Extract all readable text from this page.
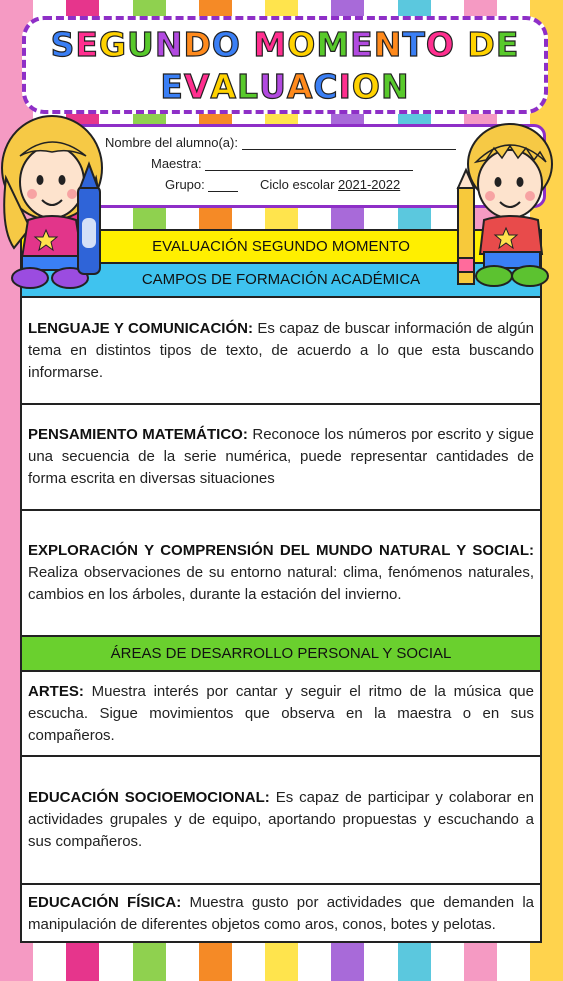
SEGUNDO MOMENTO DE
EVALUACION
Nombre del alumno(a):
Maestra:
Grupo:	Ciclo escolar 2021-2022
EVALUACIÓN SEGUNDO MOMENTO
CAMPOS DE FORMACIÓN ACADÉMICA

LENGUAJE Y COMUNICACIÓN: Es capaz de buscar información de algún tema en distintos tipos de texto, de acuerdo a lo que esta buscando informarse.

PENSAMIENTO MATEMÁTICO: Reconoce los números por escrito y sigue una secuencia de la serie numérica, puede representar cantidades de forma escrita en diversas situaciones

EXPLORACIÓN Y COMPRENSIÓN DEL MUNDO NATURAL Y SOCIAL: Realiza observaciones de su entorno natural: clima, fenómenos naturales, cambios en los árboles, durante la estación del invierno.

ÁREAS DE DESARROLLO PERSONAL Y SOCIAL

ARTES: Muestra interés por cantar y seguir el ritmo de la música que escucha. Sigue movimientos que observa en la maestra o en sus compañeros.

EDUCACIÓN SOCIOEMOCIONAL: Es capaz de participar y colaborar en actividades grupales y de equipo, aportando propuestas y escuchando a sus compañeros.

EDUCACIÓN FÍSICA: Muestra gusto por actividades que demanden la manipulación de diferentes objetos como aros, conos, botes y pelotas.
